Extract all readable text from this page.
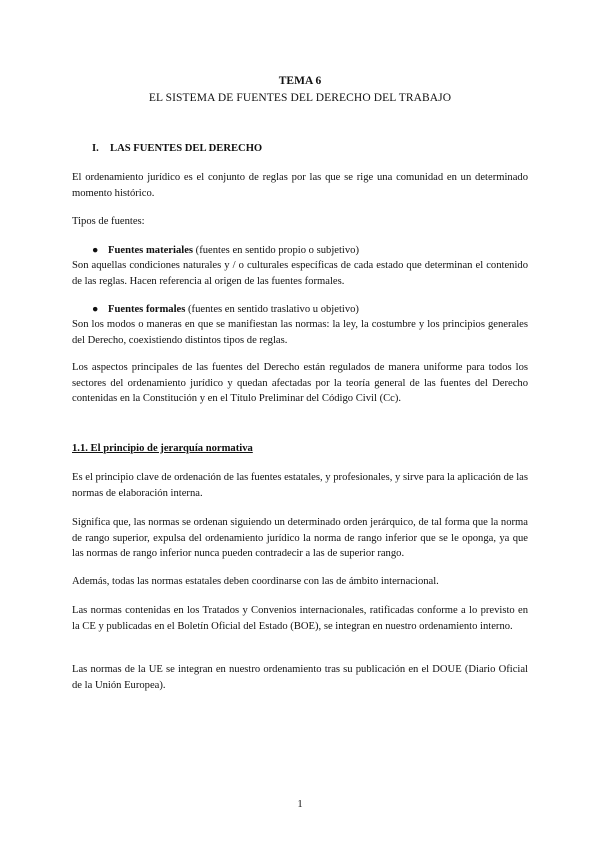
TEMA 6

EL SISTEMA DE FUENTES DEL DERECHO DEL TRABAJO

I. LAS FUENTES DEL DERECHO

El ordenamiento jurídico es el conjunto de reglas por las que se rige una comunidad en un determinado momento histórico.

Tipos de fuentes:

● Fuentes materiales (fuentes en sentido propio o subjetivo)

Son aquellas condiciones naturales y / o culturales específicas de cada estado que determinan el contenido de las reglas. Hacen referencia al origen de las fuentes formales.

● Fuentes formales (fuentes en sentido traslativo u objetivo)

Son los modos o maneras en que se manifiestan las normas: la ley, la costumbre y los principios generales del Derecho, coexistiendo distintos tipos de reglas.

Los aspectos principales de las fuentes del Derecho están regulados de manera uniforme para todos los sectores del ordenamiento jurídico y quedan afectadas por la teoría general de las fuentes del Derecho contenidas en la Constitución y en el Título Preliminar del Código Civil (Cc).

1.1. El principio de jerarquía normativa

Es el principio clave de ordenación de las fuentes estatales, y profesionales, y sirve para la aplicación de las normas de elaboración interna.

Significa que, las normas se ordenan siguiendo un determinado orden jerárquico, de tal forma que la norma de rango superior, expulsa del ordenamiento jurídico la norma de rango inferior que se le oponga, ya que las normas de rango inferior nunca pueden contradecir a las de superior rango.

Además, todas las normas estatales deben coordinarse con las de ámbito internacional.

Las normas contenidas en los Tratados y Convenios internacionales, ratificadas conforme a lo previsto en la CE y publicadas en el Boletín Oficial del Estado (BOE), se integran en nuestro ordenamiento interno.

Las normas de la UE se integran en nuestro ordenamiento tras su publicación en el DOUE (Diario Oficial de la Unión Europea).

1
